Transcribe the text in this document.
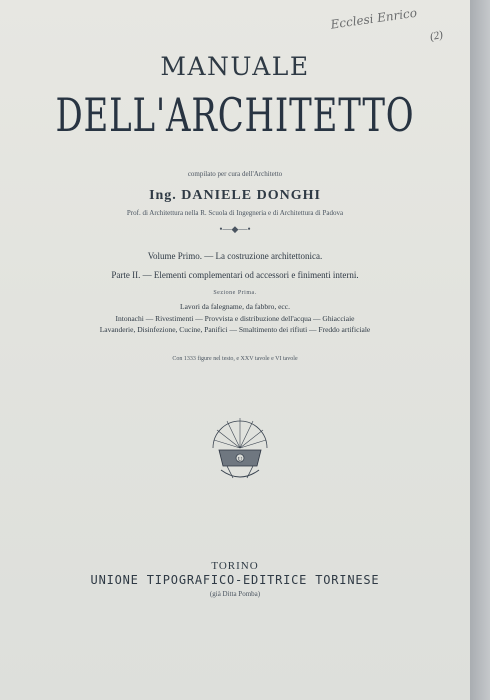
Ecclesi Enrico
(2)
MANUALE
DELL'ARCHITETTO
compilato per cura dell'Architetto
Ing. DANIELE DONGHI
Prof. di Architettura nella R. Scuola di Ingegneria e di Architettura di Padova
•—◆—•
Volume Primo. — La costruzione architettonica.
Parte II. — Elementi complementari od accessori e finimenti interni.
Sezione Prima.
Lavori da falegname, da fabbro, ecc.
Intonachi — Rivestimenti — Provvista e distribuzione dell'acqua — Ghiacciaie
Lavanderie, Disinfezione, Cucine, Panifici — Smaltimento dei rifiuti — Freddo artificiale
Con 1333 figure nel testo, e XXV tavole e VI tavole
U
TORINO
UNIONE TIPOGRAFICO-EDITRICE TORINESE
(già Ditta Pomba)
